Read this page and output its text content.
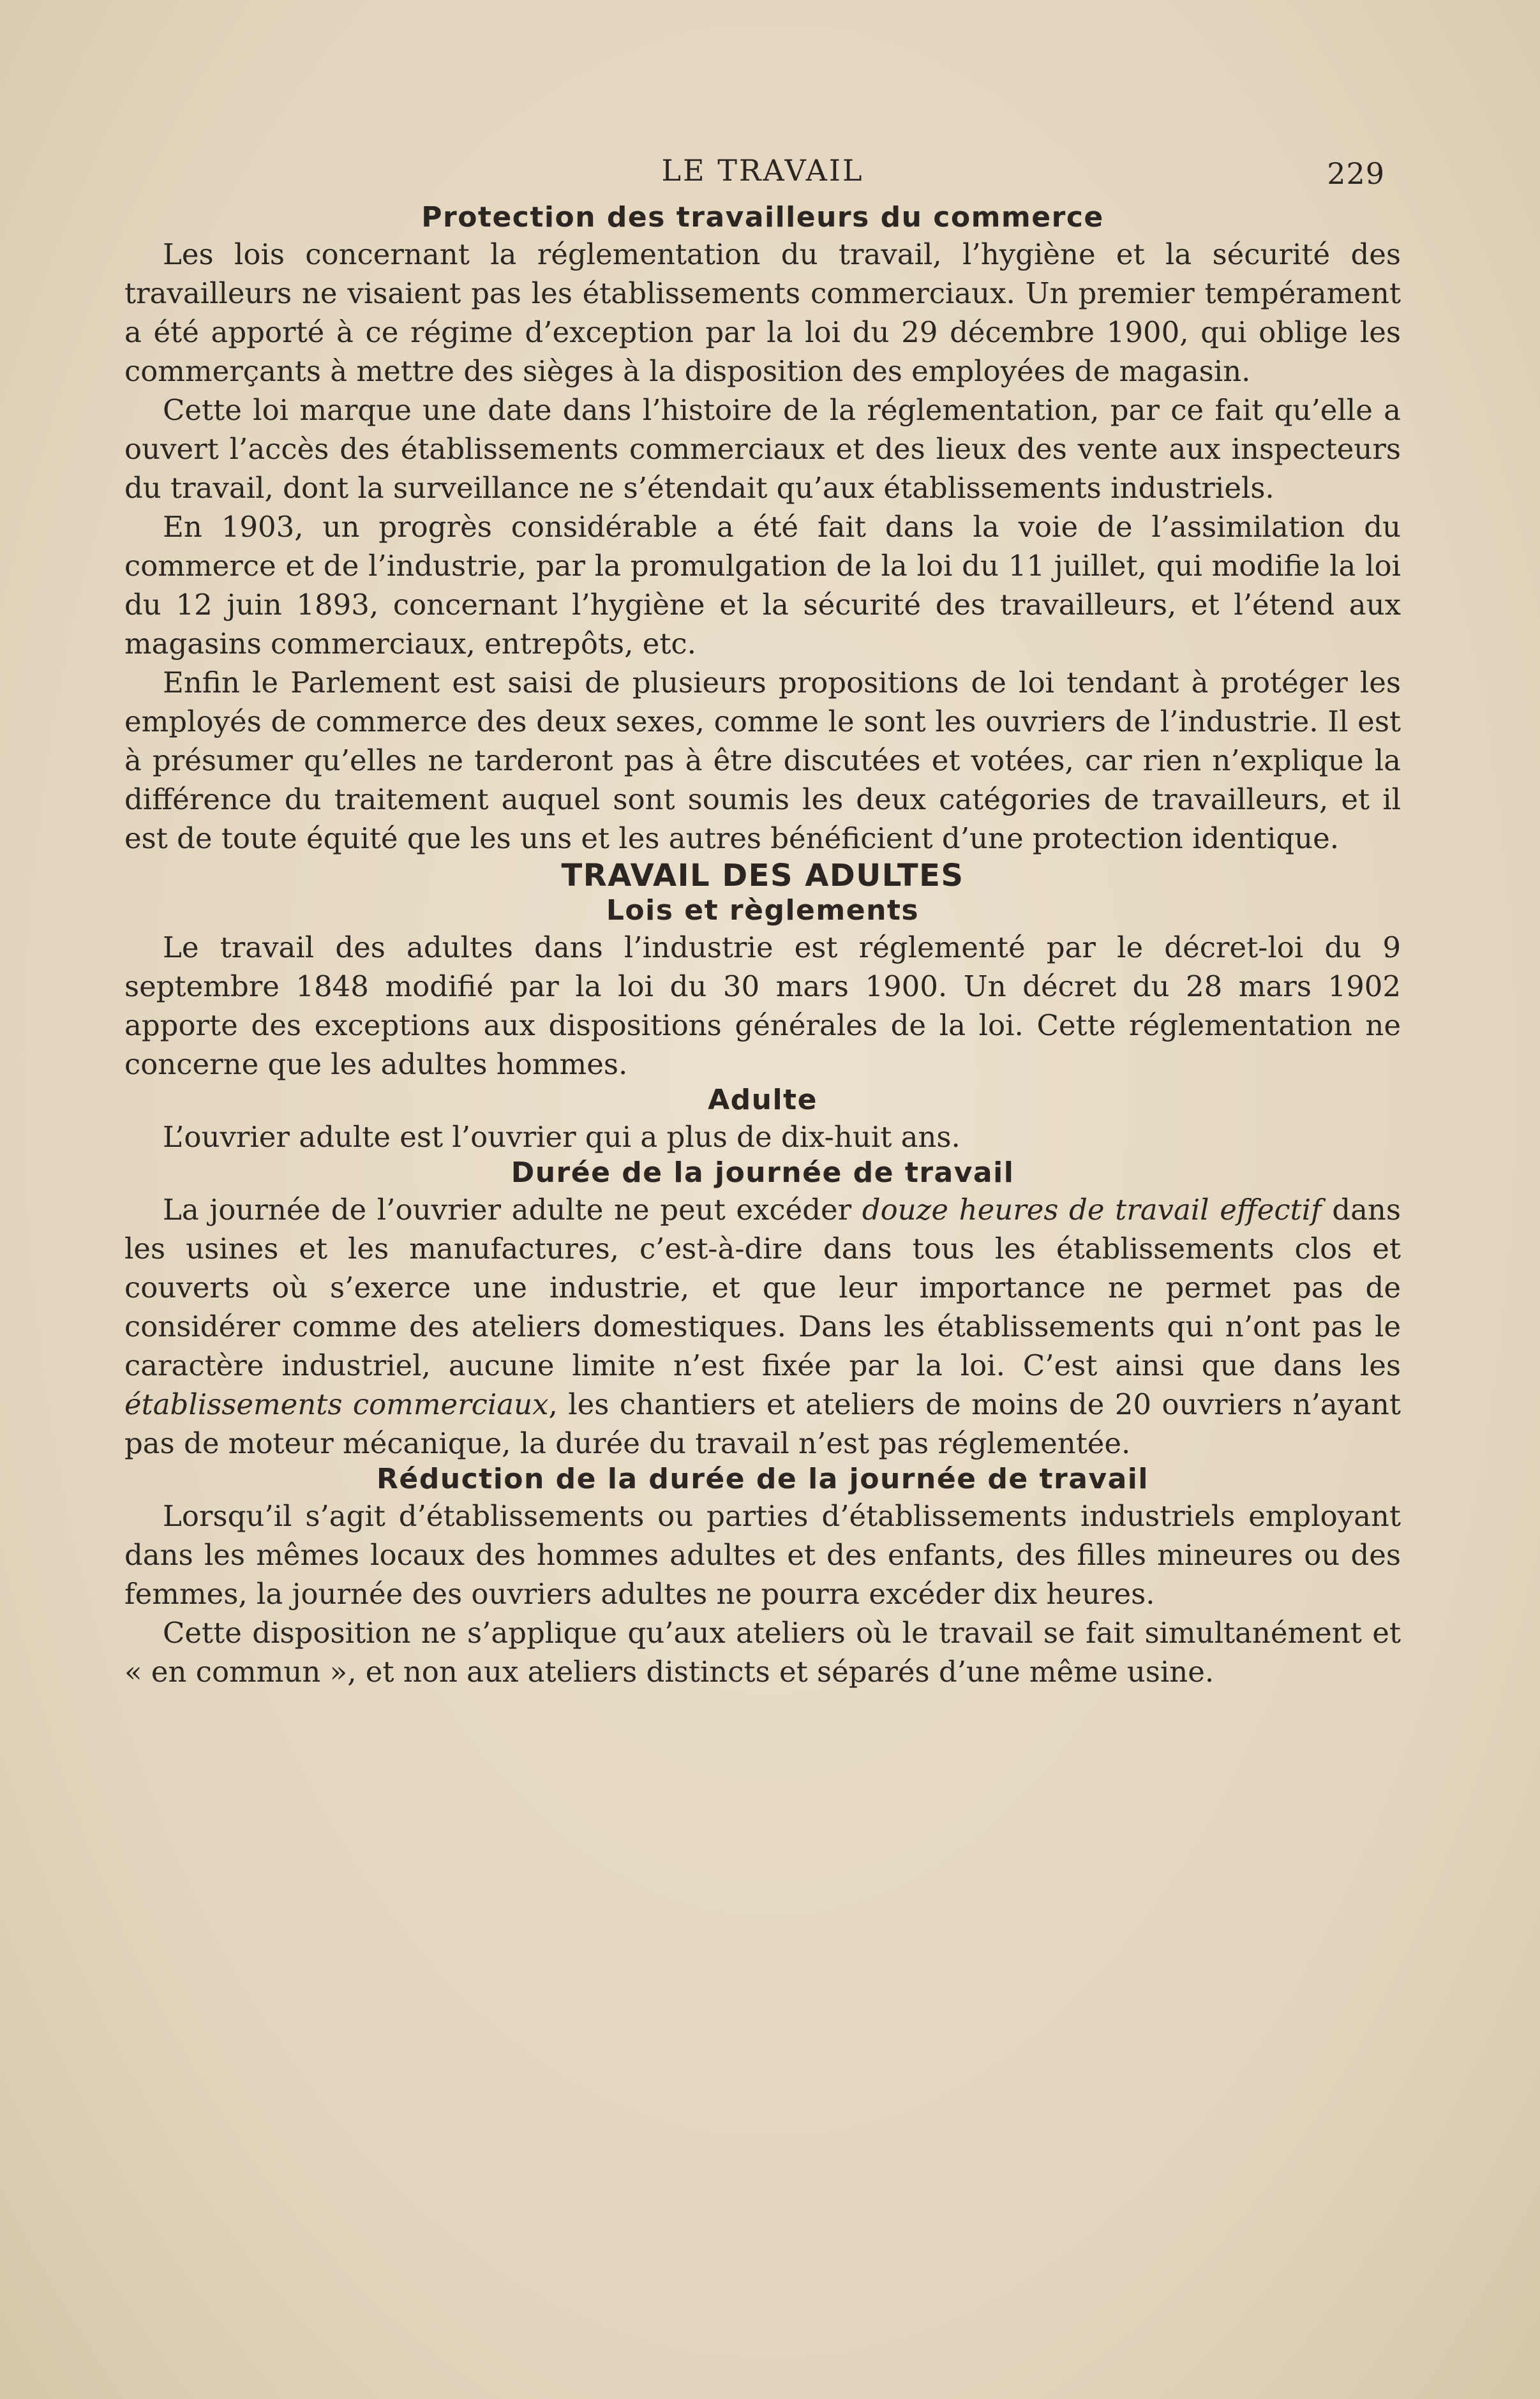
LE TRAVAIL	229
Protection des travailleurs du commerce

Les lois concernant la réglementation du travail, l’hygiène et la sécurité des travailleurs ne visaient pas les établissements commerciaux. Un premier tempérament a été apporté à ce régime d’exception par la loi du 29 décembre 1900, qui oblige les commerçants à mettre des sièges à la disposition des employées de magasin.

Cette loi marque une date dans l’histoire de la réglementation, par ce fait qu’elle a ouvert l’accès des établissements commerciaux et des lieux des vente aux inspecteurs du travail, dont la surveillance ne s’étendait qu’aux établissements industriels.

En 1903, un progrès considérable a été fait dans la voie de l’assimilation du commerce et de l’industrie, par la promulgation de la loi du 11 juillet, qui modifie la loi du 12 juin 1893, concernant l’hygiène et la sécurité des travailleurs, et l’étend aux magasins commerciaux, entrepôts, etc.

Enfin le Parlement est saisi de plusieurs propositions de loi tendant à protéger les employés de commerce des deux sexes, comme le sont les ouvriers de l’industrie. Il est à présumer qu’elles ne tarderont pas à être discutées et votées, car rien n’explique la différence du traitement auquel sont soumis les deux catégories de travailleurs, et il est de toute équité que les uns et les autres bénéficient d’une protection identique.

TRAVAIL DES ADULTES
Lois et règlements

Le travail des adultes dans l’industrie est réglementé par le décret-loi du 9 septembre 1848 modifié par la loi du 30 mars 1900. Un décret du 28 mars 1902 apporte des exceptions aux dispositions générales de la loi. Cette réglementation ne concerne que les adultes hommes.

Adulte

L’ouvrier adulte est l’ouvrier qui a plus de dix-huit ans.

Durée de la journée de travail

La journée de l’ouvrier adulte ne peut excéder douze heures de travail effectif dans les usines et les manufactures, c’est-à-dire dans tous les établissements clos et couverts où s’exerce une industrie, et que leur importance ne permet pas de considérer comme des ateliers domestiques. Dans les établissements qui n’ont pas le caractère industriel, aucune limite n’est fixée par la loi. C’est ainsi que dans les établissements commerciaux, les chantiers et ateliers de moins de 20 ouvriers n’ayant pas de moteur mécanique, la durée du travail n’est pas réglementée.

Réduction de la durée de la journée de travail

Lorsqu’il s’agit d’établissements ou parties d’établissements industriels employant dans les mêmes locaux des hommes adultes et des enfants, des filles mineures ou des femmes, la journée des ouvriers adultes ne pourra excéder dix heures.

Cette disposition ne s’applique qu’aux ateliers où le travail se fait simultanément et « en commun », et non aux ateliers distincts et séparés d’une même usine.
